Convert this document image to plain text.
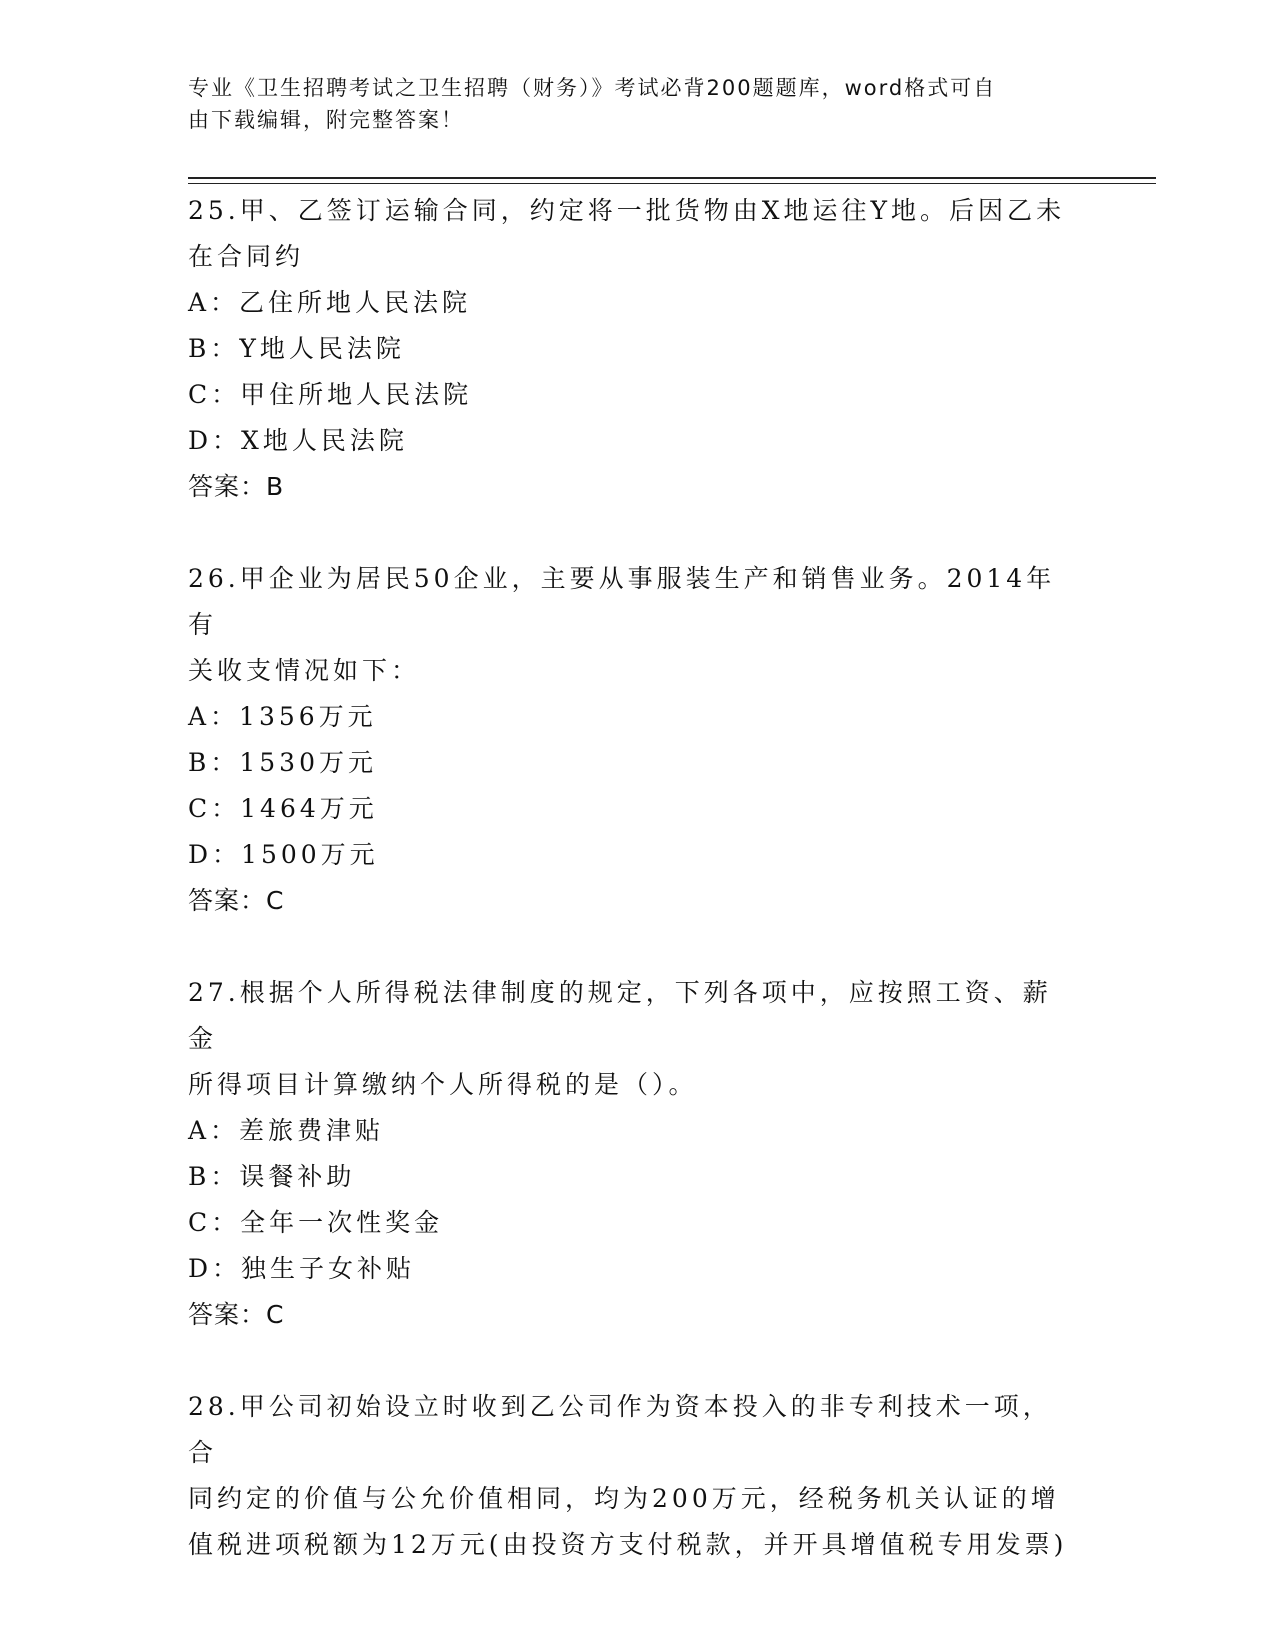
专业《卫生招聘考试之卫生招聘（财务）》考试必背200题题库，word格式可自
由下载编辑，附完整答案！

25.甲、乙签订运输合同，约定将一批货物由X地运往Y地。后因乙未

在合同约

A：乙住所地人民法院

B：Y地人民法院

C：甲住所地人民法院

D：X地人民法院

答案：B

26.甲企业为居民50企业，主要从事服装生产和销售业务。2014年有

关收支情况如下：

A：1356万元

B：1530万元

C：1464万元

D：1500万元

答案：C

27.根据个人所得税法律制度的规定，下列各项中，应按照工资、薪金

所得项目计算缴纳个人所得税的是（）。

A：差旅费津贴

B：误餐补助

C：全年一次性奖金

D：独生子女补贴

答案：C

28.甲公司初始设立时收到乙公司作为资本投入的非专利技术一项，合

同约定的价值与公允价值相同，均为200万元，经税务机关认证的增

值税进项税额为12万元(由投资方支付税款，并开具增值税专用发票)
